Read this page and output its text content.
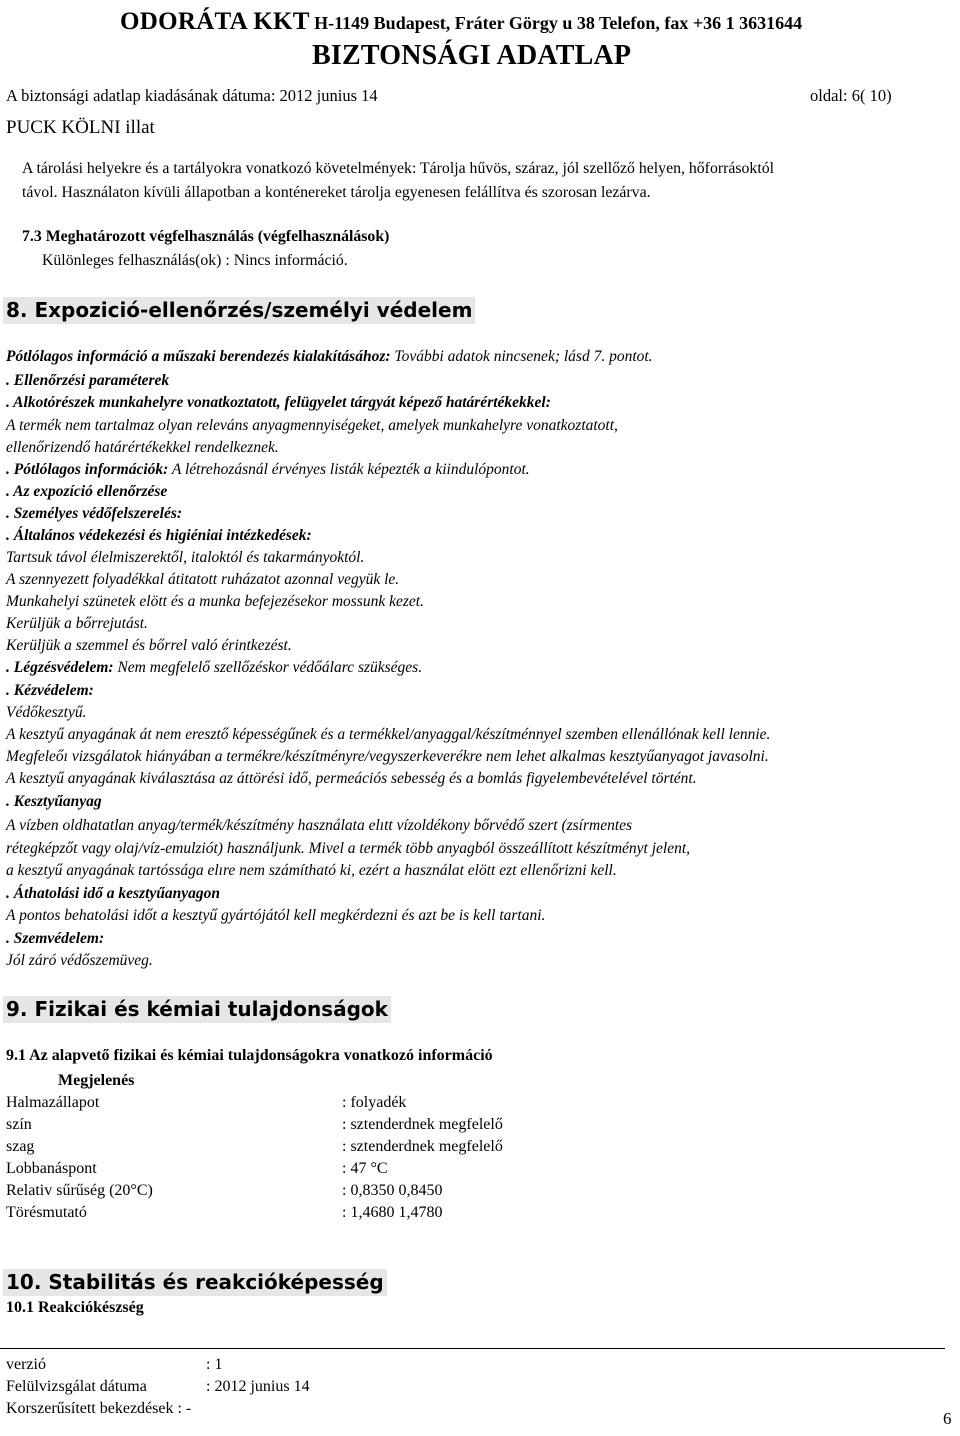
ODORÁTA KKT H-1149 Budapest, Fráter Görgy u 38 Telefon, fax +36 1 3631644
BIZTONSÁGI ADATLAP
A biztonsági adatlap kiadásának dátuma: 2012 junius 14	oldal: 6( 10)
PUCK KÖLNI illat
A tárolási helyekre és a tartályokra vonatkozó követelmények: Tárolja hűvös, száraz, jól szellőző helyen, hőforrásoktól
távol. Használaton kívüli állapotban a konténereket tárolja egyenesen felállítva és szorosan lezárva.
7.3 Meghatározott végfelhasználás (végfelhasználások)
Különleges felhasználás(ok) : Nincs információ.
8. Expozició-ellenőrzés/személyi védelem
Pótlólagos információ a műszaki berendezés kialakításához: További adatok nincsenek; lásd 7. pontot.
. Ellenőrzési paraméterek
. Alkotórészek munkahelyre vonatkoztatott, felügyelet tárgyát képező határértékekkel:
A termék nem tartalmaz olyan releváns anyagmennyiségeket, amelyek munkahelyre vonatkoztatott,
ellenőrizendő határértékekkel rendelkeznek.
. Pótlólagos információk: A létrehozásnál érvényes listák képezték a kiindulópontot.
. Az expozíció ellenőrzése
. Személyes védőfelszerelés:
. Általános védekezési és higiéniai intézkedések:
Tartsuk távol élelmiszerektől, italoktól és takarmányoktól.
A szennyezett folyadékkal átitatott ruházatot azonnal vegyük le.
Munkahelyi szünetek elött és a munka befejezésekor mossunk kezet.
Kerüljük a bőrrejutást.
Kerüljük a szemmel és bőrrel való érintkezést.
. Légzésvédelem: Nem megfelelő szellőzéskor védőálarc szükséges.
. Kézvédelem:
Védőkesztyű.
A kesztyű anyagának át nem eresztő képességűnek és a termékkel/anyaggal/készítménnyel szemben ellenállónak kell lennie.
Megfeleőı vizsgálatok hiányában a termékre/készítményre/vegyszerkeverékre nem lehet alkalmas kesztyűanyagot javasolni.
A kesztyű anyagának kiválasztása az áttörési idő, permeációs sebesség és a bomlás figyelembevételével történt.
. Kesztyűanyag
A vízben oldhatatlan anyag/termék/készítmény használata elıtt vízoldékony bőrvédő szert (zsírmentes
rétegképzőt vagy olaj/víz-emulziót) használjunk. Mivel a termék több anyagból összeállított készítményt jelent,
a kesztyű anyagának tartóssága elıre nem számítható ki, ezért a használat elött ezt ellenőrizni kell.
. Áthatolási idő a kesztyűanyagon
A pontos behatolási időt a kesztyű gyártójától kell megkérdezni és azt be is kell tartani.
. Szemvédelem:
Jól záró védőszemüveg.
9. Fizikai és kémiai tulajdonságok
9.1 Az alapvető fizikai és kémiai tulajdonságokra vonatkozó információ
Megjelenés
Halmazállapot	: folyadék
szín	: sztenderdnek megfelelő
szag	: sztenderdnek megfelelő
Lobbanáspont	: 47 °C
Relativ sűrűség (20°C)	: 0,8350 0,8450
Törésmutató	: 1,4680 1,4780
10. Stabilitás és reakcióképesség
10.1 Reakciókészség
verzió	: 1
Felülvizsgálat dátuma	: 2012 junius 14
Korszerűsített bekezdések : -
6
